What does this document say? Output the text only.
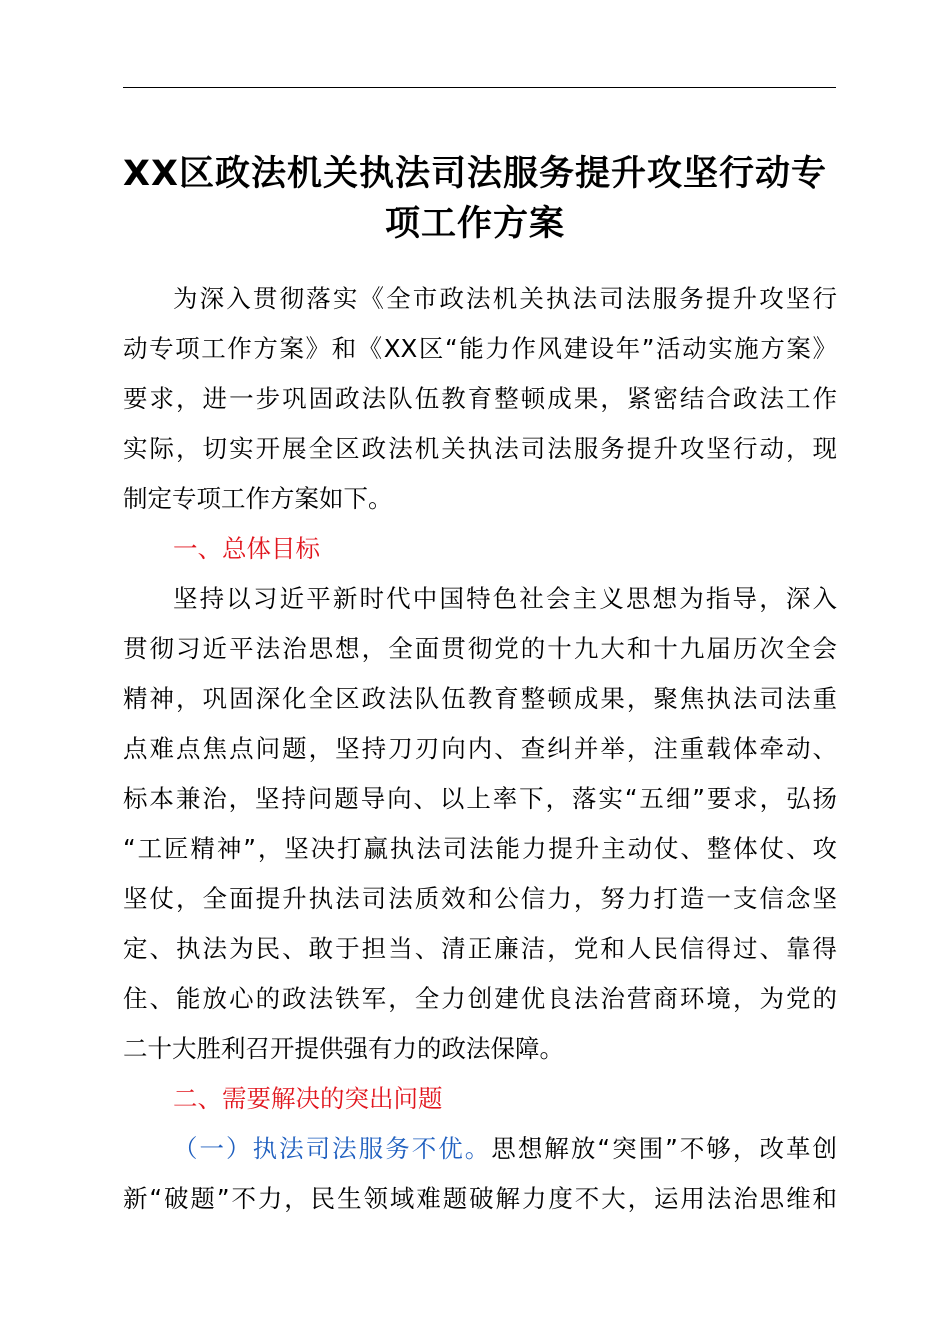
XX区政法机关执法司法服务提升攻坚行动专
项工作方案
为深入贯彻落实《全市政法机关执法司法服务提升攻坚行
动专项工作方案》和《XX区“能力作风建设年”活动实施方案》
要求，进一步巩固政法队伍教育整顿成果，紧密结合政法工作
实际，切实开展全区政法机关执法司法服务提升攻坚行动，现
制定专项工作方案如下。
一、总体目标
坚持以习近平新时代中国特色社会主义思想为指导，深入
贯彻习近平法治思想，全面贯彻党的十九大和十九届历次全会
精神，巩固深化全区政法队伍教育整顿成果，聚焦执法司法重
点难点焦点问题，坚持刀刃向内、查纠并举，注重载体牵动、
标本兼治，坚持问题导向、以上率下，落实“五细”要求，弘扬
“工匠精神”，坚决打赢执法司法能力提升主动仗、整体仗、攻
坚仗，全面提升执法司法质效和公信力，努力打造一支信念坚
定、执法为民、敢于担当、清正廉洁，党和人民信得过、靠得
住、能放心的政法铁军，全力创建优良法治营商环境，为党的
二十大胜利召开提供强有力的政法保障。
二、需要解决的突出问题
（一）执法司法服务不优。思想解放“突围”不够，改革创
新“破题”不力，民生领域难题破解力度不大，运用法治思维和
